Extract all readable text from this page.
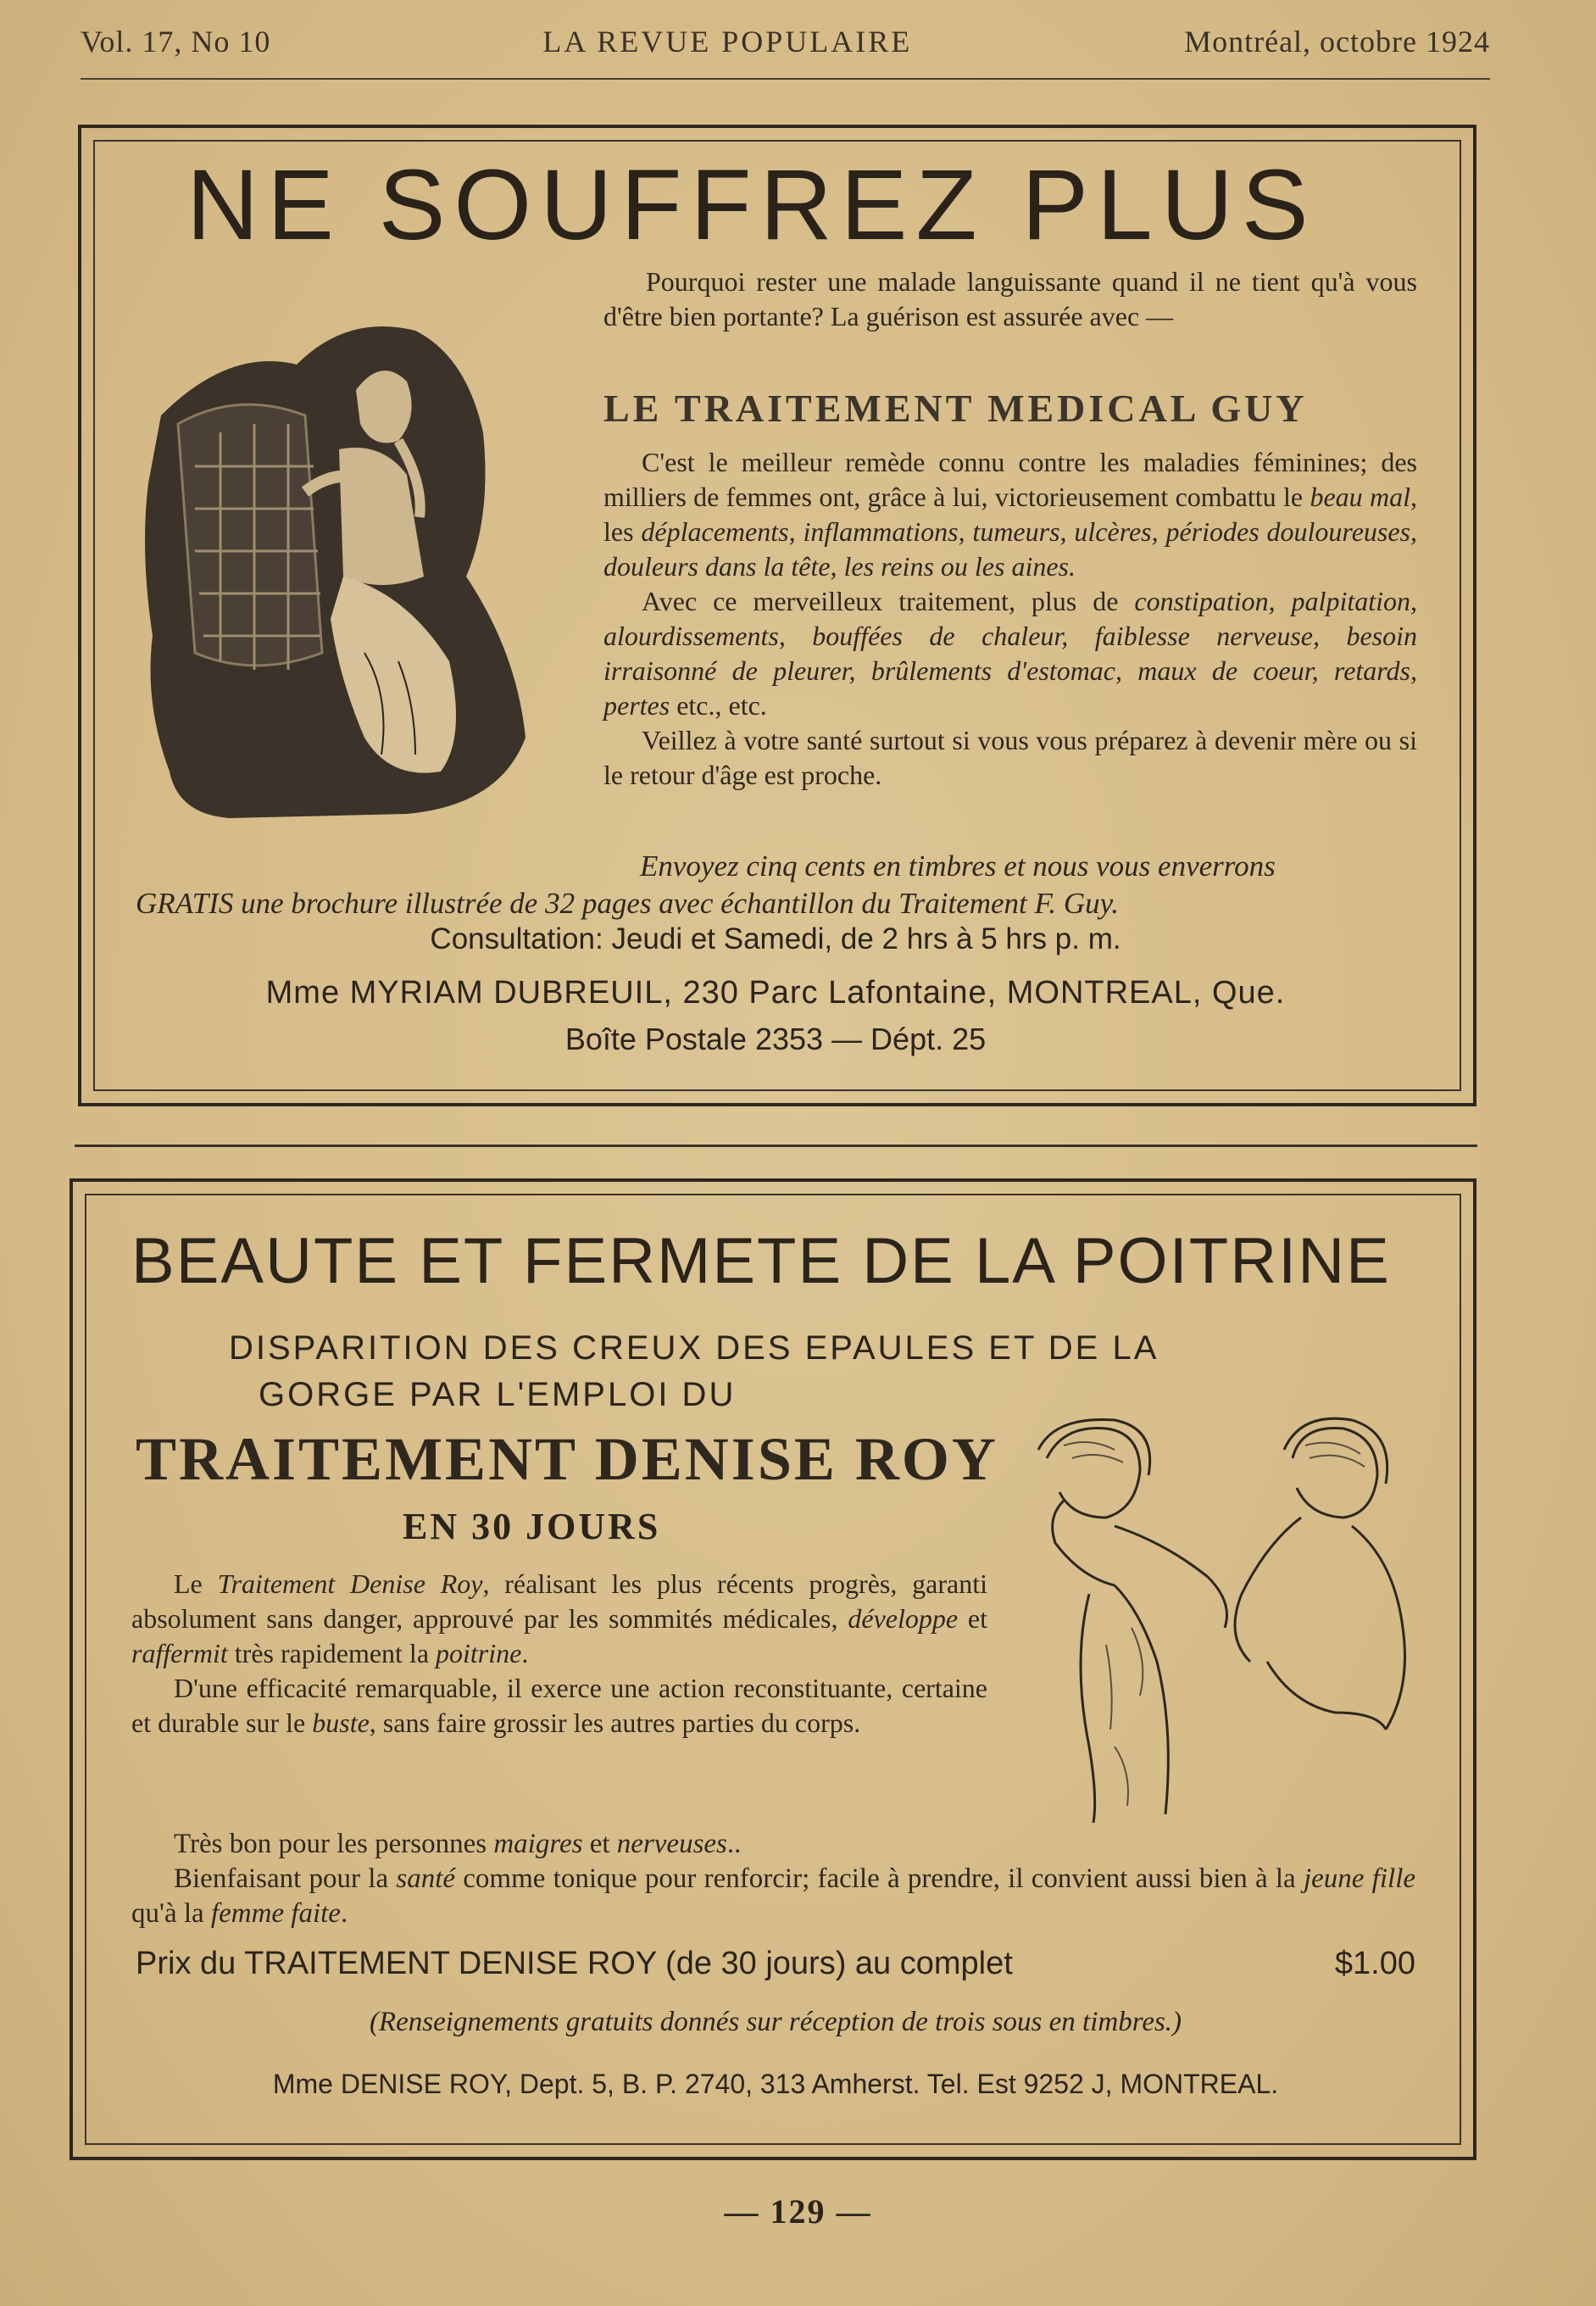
Vol. 17, No 10	LA REVUE POPULAIRE	Montréal, octobre 1924
NE SOUFFREZ PLUS
Pourquoi rester une malade languissante quand il ne tient qu'à vous d'être bien portante? La guérison est assurée avec —
LE TRAITEMENT MEDICAL GUY

C'est le meilleur remède connu contre les maladies féminines; des milliers de femmes ont, grâce à lui, victorieusement combattu le beau mal, les déplacements, inflammations, tumeurs, ulcères, périodes douloureuses, douleurs dans la tête, les reins ou les aines.

Avec ce merveilleux traitement, plus de constipation, palpitation, alourdissements, bouffées de chaleur, faiblesse nerveuse, besoin irraisonné de pleurer, brûlements d'estomac, maux de coeur, retards, pertes etc., etc.

Veillez à votre santé surtout si vous vous préparez à devenir mère ou si le retour d'âge est proche.

Envoyez cinq cents en timbres et nous vous enverrons
GRATIS une brochure illustrée de 32 pages avec échantillon du Traitement F. Guy.
Consultation: Jeudi et Samedi, de 2 hrs à 5 hrs p. m.
Mme MYRIAM DUBREUIL, 230 Parc Lafontaine, MONTREAL, Que.
Boîte Postale 2353 — Dépt. 25
BEAUTE ET FERMETE DE LA POITRINE
DISPARITION DES CREUX DES EPAULES ET DE LA
GORGE PAR L'EMPLOI DU
TRAITEMENT DENISE ROY
EN 30 JOURS

Le Traitement Denise Roy, réalisant les plus récents progrès, garanti absolument sans danger, approuvé par les sommités médicales, développe et raffermit très rapidement la poitrine.

D'une efficacité remarquable, il exerce une action reconstituante, certaine et durable sur le buste, sans faire grossir les autres parties du corps.

Très bon pour les personnes maigres et nerveuses..

Bienfaisant pour la santé comme tonique pour renforcir; facile à prendre, il convient aussi bien à la jeune fille qu'à la femme faite.

Prix du TRAITEMENT DENISE ROY (de 30 jours) au complet	$1.00
(Renseignements gratuits donnés sur réception de trois sous en timbres.)
Mme DENISE ROY, Dept. 5, B. P. 2740, 313 Amherst. Tel. Est 9252 J, MONTREAL.
— 129 —
